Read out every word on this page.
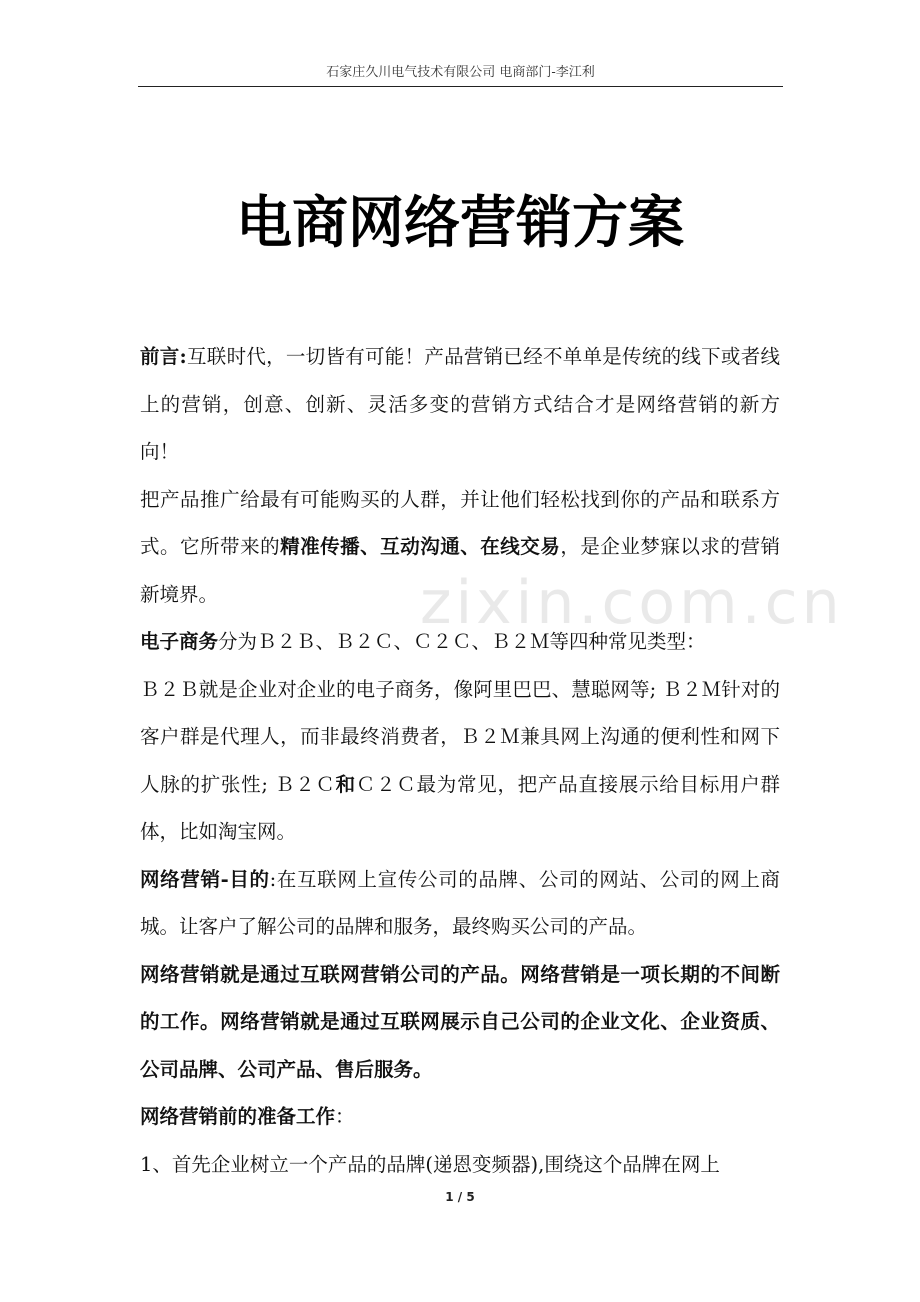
石家庄久川电气技术有限公司 电商部门-李江利
zixin.com.cn
电商网络营销方案

前言:互联时代，一切皆有可能！产品营销已经不单单是传统的线下或者线上的营销，创意、创新、灵活多变的营销方式结合才是网络营销的新方向！

把产品推广给最有可能购买的人群，并让他们轻松找到你的产品和联系方式。它所带来的精准传播、互动沟通、在线交易，是企业梦寐以求的营销新境界。

电子商务分为Ｂ２Ｂ、Ｂ２Ｃ、Ｃ２Ｃ、Ｂ２Ｍ等四种常见类型：

Ｂ２Ｂ就是企业对企业的电子商务，像阿里巴巴、慧聪网等; Ｂ２Ｍ针对的客户群是代理人，而非最终消费者，Ｂ２Ｍ兼具网上沟通的便利性和网下人脉的扩张性; Ｂ２Ｃ和Ｃ２Ｃ最为常见，把产品直接展示给目标用户群体，比如淘宝网。

网络营销-目的:在互联网上宣传公司的品牌、公司的网站、公司的网上商城。让客户了解公司的品牌和服务，最终购买公司的产品。

网络营销就是通过互联网营销公司的产品。网络营销是一项长期的不间断的工作。网络营销就是通过互联网展示自己公司的企业文化、企业资质、公司品牌、公司产品、售后服务。

网络营销前的准备工作：

1、首先企业树立一个产品的品牌(递恩变频器),围绕这个品牌在网上

1 / 5
